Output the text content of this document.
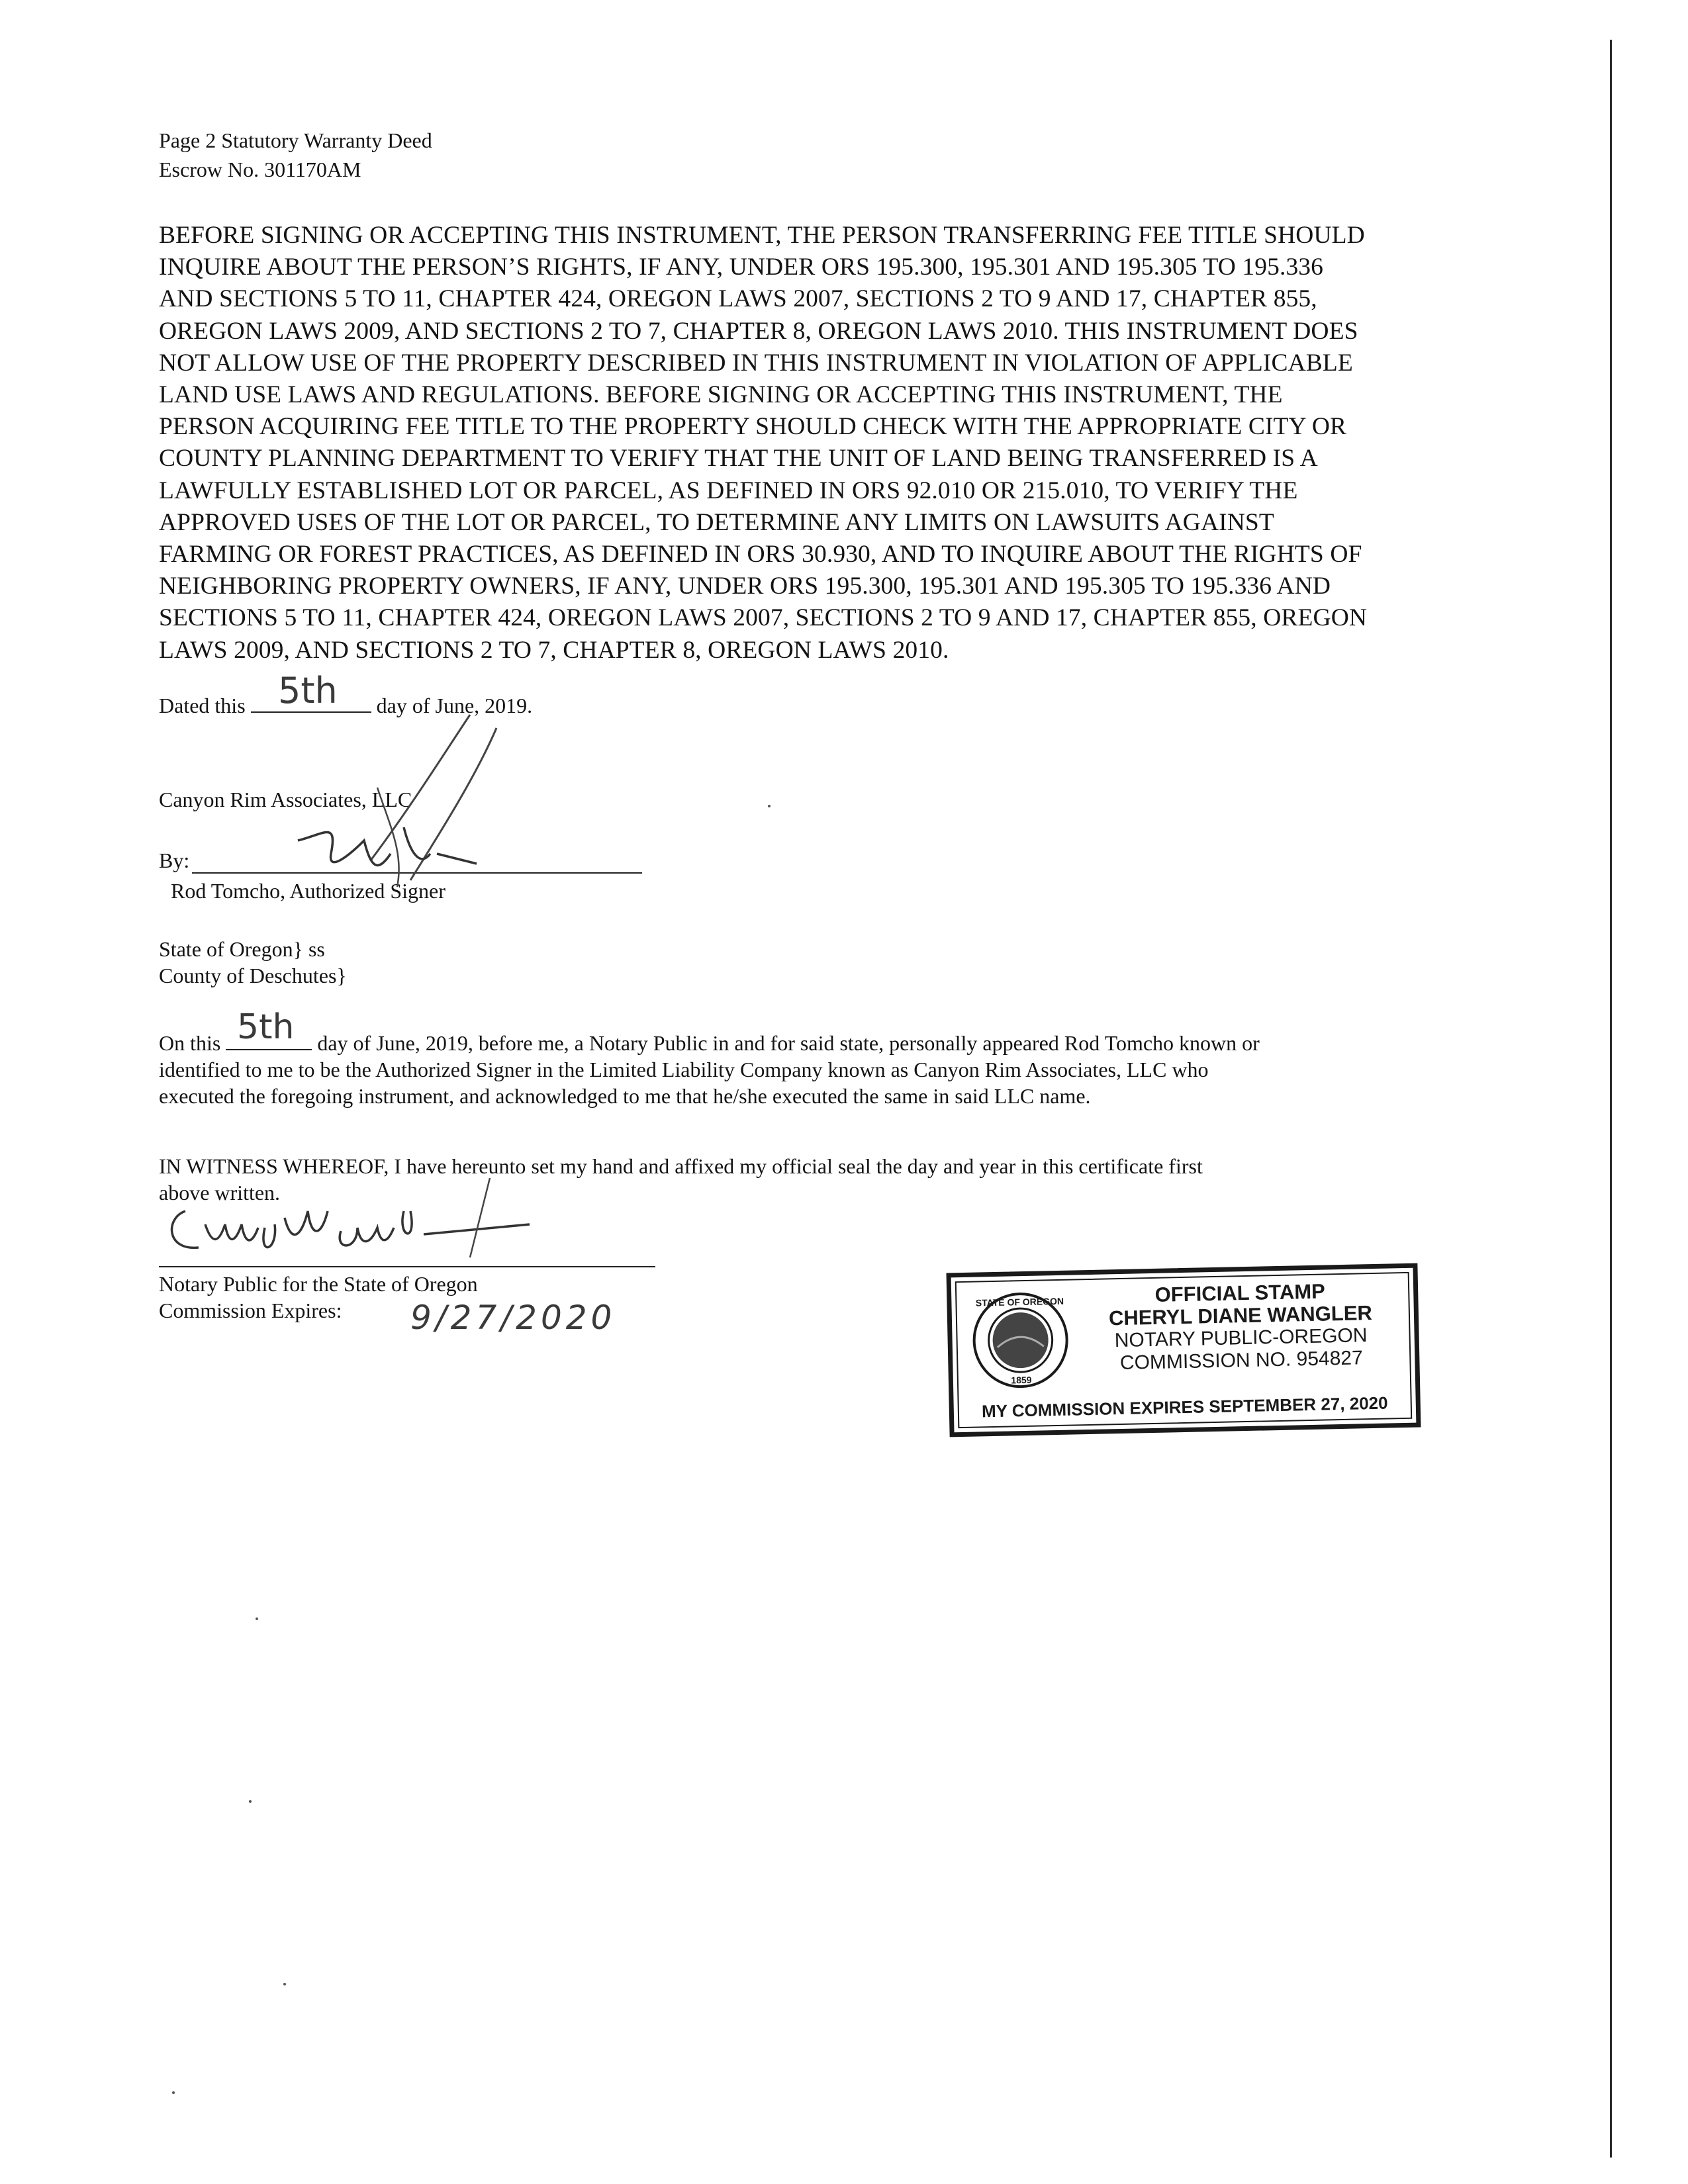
Page 2 Statutory Warranty Deed
Escrow No. 301170AM
BEFORE SIGNING OR ACCEPTING THIS INSTRUMENT, THE PERSON TRANSFERRING FEE TITLE SHOULD
INQUIRE ABOUT THE PERSON’S RIGHTS, IF ANY, UNDER ORS 195.300, 195.301 AND 195.305 TO 195.336
AND SECTIONS 5 TO 11, CHAPTER 424, OREGON LAWS 2007, SECTIONS 2 TO 9 AND 17, CHAPTER 855,
OREGON LAWS 2009, AND SECTIONS 2 TO 7, CHAPTER 8, OREGON LAWS 2010. THIS INSTRUMENT DOES
NOT ALLOW USE OF THE PROPERTY DESCRIBED IN THIS INSTRUMENT IN VIOLATION OF APPLICABLE
LAND USE LAWS AND REGULATIONS. BEFORE SIGNING OR ACCEPTING THIS INSTRUMENT, THE
PERSON ACQUIRING FEE TITLE TO THE PROPERTY SHOULD CHECK WITH THE APPROPRIATE CITY OR
COUNTY PLANNING DEPARTMENT TO VERIFY THAT THE UNIT OF LAND BEING TRANSFERRED IS A
LAWFULLY ESTABLISHED LOT OR PARCEL, AS DEFINED IN ORS 92.010 OR 215.010, TO VERIFY THE
APPROVED USES OF THE LOT OR PARCEL, TO DETERMINE ANY LIMITS ON LAWSUITS AGAINST
FARMING OR FOREST PRACTICES, AS DEFINED IN ORS 30.930, AND TO INQUIRE ABOUT THE RIGHTS OF
NEIGHBORING PROPERTY OWNERS, IF ANY, UNDER ORS 195.300, 195.301 AND 195.305 TO 195.336 AND
SECTIONS 5 TO 11, CHAPTER 424, OREGON LAWS 2007, SECTIONS 2 TO 9 AND 17, CHAPTER 855, OREGON
LAWS 2009, AND SECTIONS 2 TO 7, CHAPTER 8, OREGON LAWS 2010.
Dated this	day of June, 2019.
5th
Canyon Rim Associates, LLC
By:
Rod Tomcho, Authorized Signer
State of Oregon} ss
County of Deschutes}
On this	day of June, 2019, before me, a Notary Public in and for said state, personally appeared Rod Tomcho known or
identified to me to be the Authorized Signer in the Limited Liability Company known as Canyon Rim Associates, LLC who
executed the foregoing instrument, and acknowledged to me that he/she executed the same in said LLC name.
5th
IN WITNESS WHEREOF, I have hereunto set my hand and affixed my official seal the day and year in this certificate first
above written.
Notary Public for the State of Oregon
Commission Expires:	9/27/2020	STATE OF OREGON
1859
OFFICIAL STAMP
CHERYL DIANE WANGLER
NOTARY PUBLIC-OREGON
COMMISSION NO. 954827
MY COMMISSION EXPIRES SEPTEMBER 27, 2020
